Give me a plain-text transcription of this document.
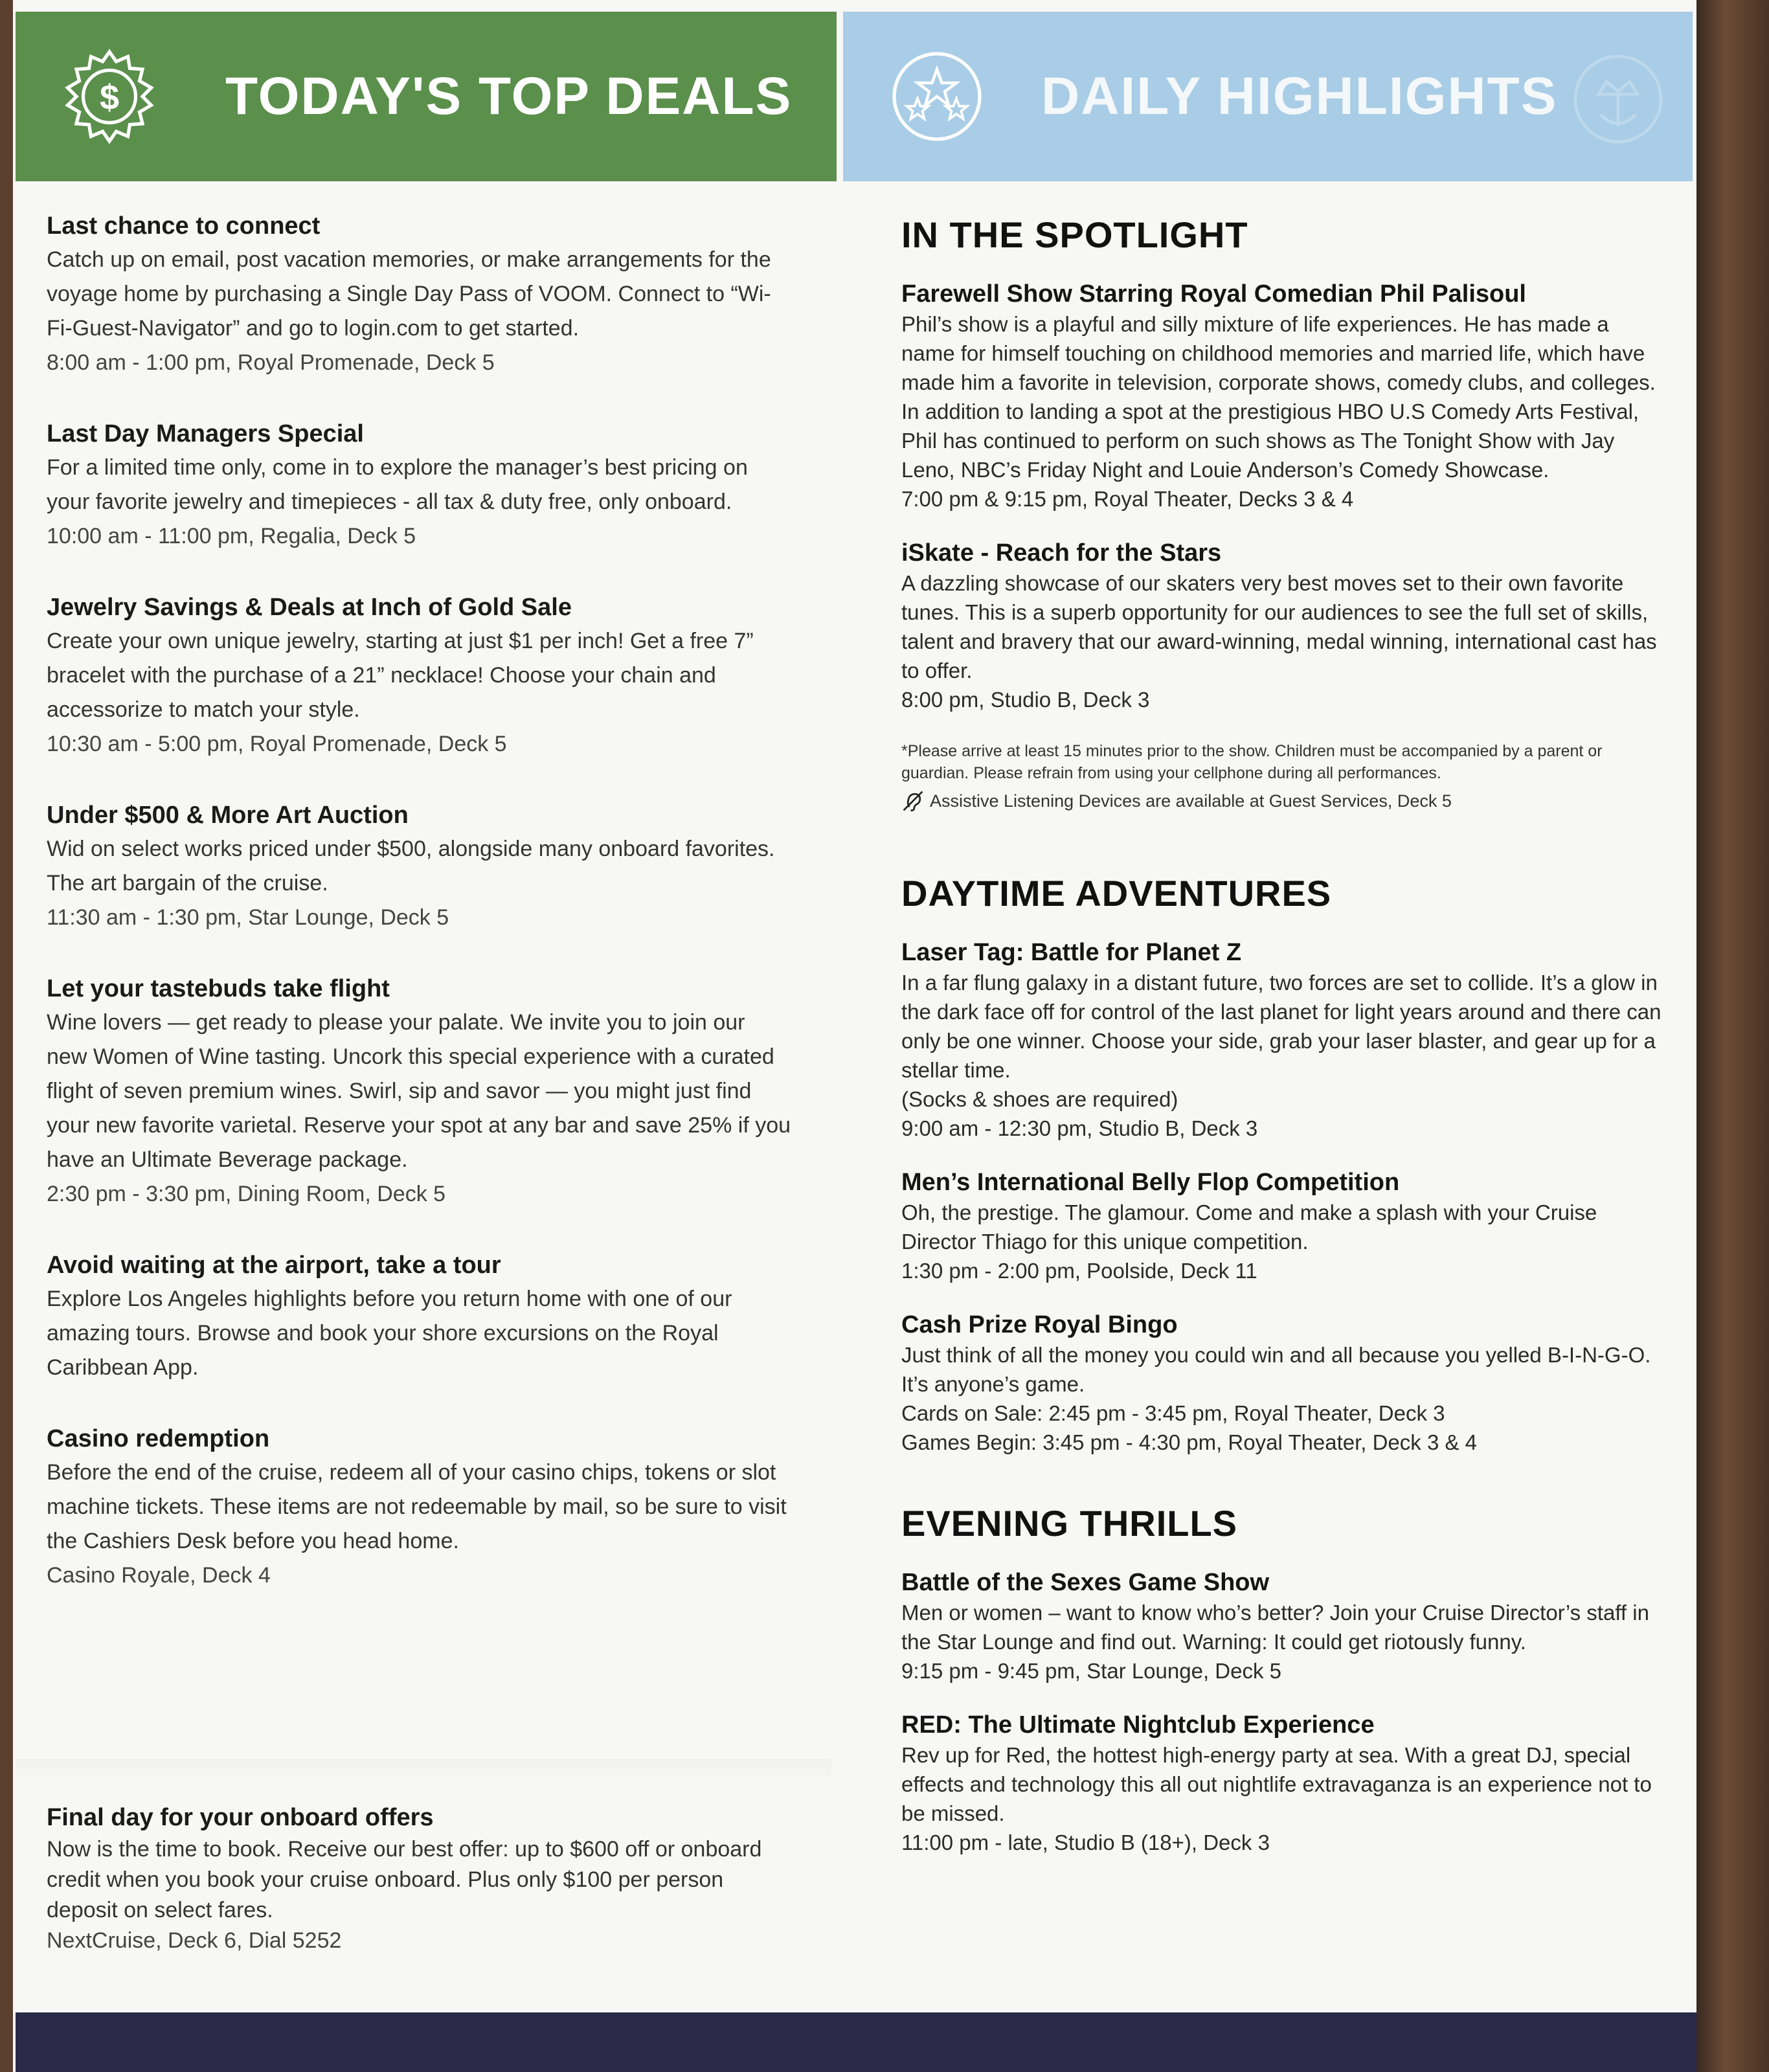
$ TODAY'S TOP DEALS	DAILY HIGHLIGHTS
Last chance to connect

Catch up on email, post vacation memories, or make arrangements for the voyage home by purchasing a Single Day Pass of VOOM. Connect to “Wi-Fi-Guest-Navigator” and go to login.com to get started.

8:00 am - 1:00 pm, Royal Promenade, Deck 5
Last Day Managers Special

For a limited time only, come in to explore the manager’s best pricing on your favorite jewelry and timepieces - all tax & duty free, only onboard.

10:00 am - 11:00 pm, Regalia, Deck 5
Jewelry Savings & Deals at Inch of Gold Sale

Create your own unique jewelry, starting at just $1 per inch! Get a free 7” bracelet with the purchase of a 21” necklace! Choose your chain and accessorize to match your style.

10:30 am - 5:00 pm, Royal Promenade, Deck 5
Under $500 & More Art Auction

Wid on select works priced under $500, alongside many onboard favorites. The art bargain of the cruise.

11:30 am - 1:30 pm, Star Lounge, Deck 5
Let your tastebuds take flight

Wine lovers — get ready to please your palate. We invite you to join our new Women of Wine tasting. Uncork this special experience with a curated flight of seven premium wines. Swirl, sip and savor — you might just find your new favorite varietal. Reserve your spot at any bar and save 25% if you have an Ultimate Beverage package.

2:30 pm - 3:30 pm, Dining Room, Deck 5
Avoid waiting at the airport, take a tour

Explore Los Angeles highlights before you return home with one of our amazing tours. Browse and book your shore excursions on the Royal Caribbean App.

Casino redemption

Before the end of the cruise, redeem all of your casino chips, tokens or slot machine tickets. These items are not redeemable by mail, so be sure to visit the Cashiers Desk before you head home.

Casino Royale, Deck 4
Final day for your onboard offers

Now is the time to book. Receive our best offer: up to $600 off or onboard credit when you book your cruise onboard. Plus only $100 per person deposit on select fares.

NextCruise, Deck 6, Dial 5252
IN THE SPOTLIGHT
Farewell Show Starring Royal Comedian Phil Palisoul

Phil’s show is a playful and silly mixture of life experiences. He has made a name for himself touching on childhood memories and married life, which have made him a favorite in television, corporate shows, comedy clubs, and colleges. In addition to landing a spot at the prestigious HBO U.S Comedy Arts Festival, Phil has continued to perform on such shows as The Tonight Show with Jay Leno, NBC’s Friday Night and Louie Anderson’s Comedy Showcase.

7:00 pm & 9:15 pm, Royal Theater, Decks 3 & 4
iSkate - Reach for the Stars

A dazzling showcase of our skaters very best moves set to their own favorite tunes. This is a superb opportunity for our audiences to see the full set of skills, talent and bravery that our award-winning, medal winning, international cast has to offer.

8:00 pm, Studio B, Deck 3
*Please arrive at least 15 minutes prior to the show. Children must be accompanied by a parent or guardian. Please refrain from using your cellphone during all performances.
Assistive Listening Devices are available at Guest Services, Deck 5
DAYTIME ADVENTURES
Laser Tag: Battle for Planet Z

In a far flung galaxy in a distant future, two forces are set to collide. It’s a glow in the dark face off for control of the last planet for light years around and there can only be one winner. Choose your side, grab your laser blaster, and gear up for a stellar time.

(Socks & shoes are required)
9:00 am - 12:30 pm, Studio B, Deck 3
Men’s International Belly Flop Competition

Oh, the prestige. The glamour. Come and make a splash with your Cruise Director Thiago for this unique competition.

1:30 pm - 2:00 pm, Poolside, Deck 11
Cash Prize Royal Bingo

Just think of all the money you could win and all because you yelled B-I-N-G-O. It’s anyone’s game.

Cards on Sale: 2:45 pm - 3:45 pm, Royal Theater, Deck 3
Games Begin: 3:45 pm - 4:30 pm, Royal Theater, Deck 3 & 4
EVENING THRILLS
Battle of the Sexes Game Show

Men or women – want to know who’s better? Join your Cruise Director’s staff in the Star Lounge and find out. Warning: It could get riotously funny.

9:15 pm - 9:45 pm, Star Lounge, Deck 5
RED: The Ultimate Nightclub Experience

Rev up for Red, the hottest high-energy party at sea. With a great DJ, special effects and technology this all out nightlife extravaganza is an experience not to be missed.

11:00 pm - late, Studio B (18+), Deck 3
